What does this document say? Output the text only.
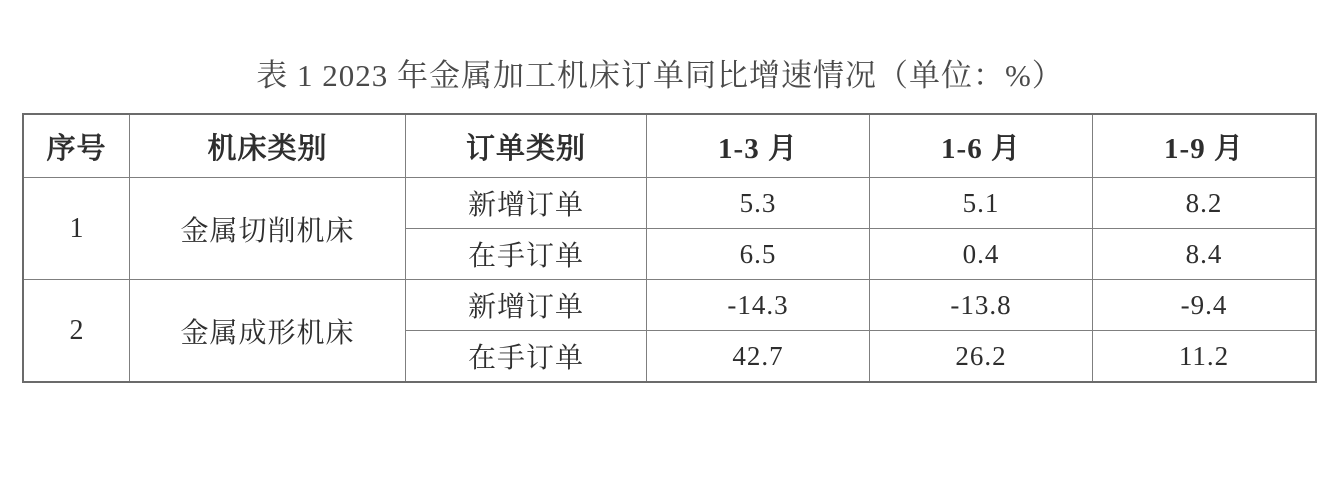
表 1 2023 年金属加工机床订单同比增速情况（单位：%）
序号	机床类别	订单类别	1-3 月	1-6 月	1-9 月
1	金属切削机床	新增订单	5.3	5.1	8.2
		在手订单	6.5	0.4	8.4
2	金属成形机床	新增订单	-14.3	-13.8	-9.4
		在手订单	42.7	26.2	11.2
